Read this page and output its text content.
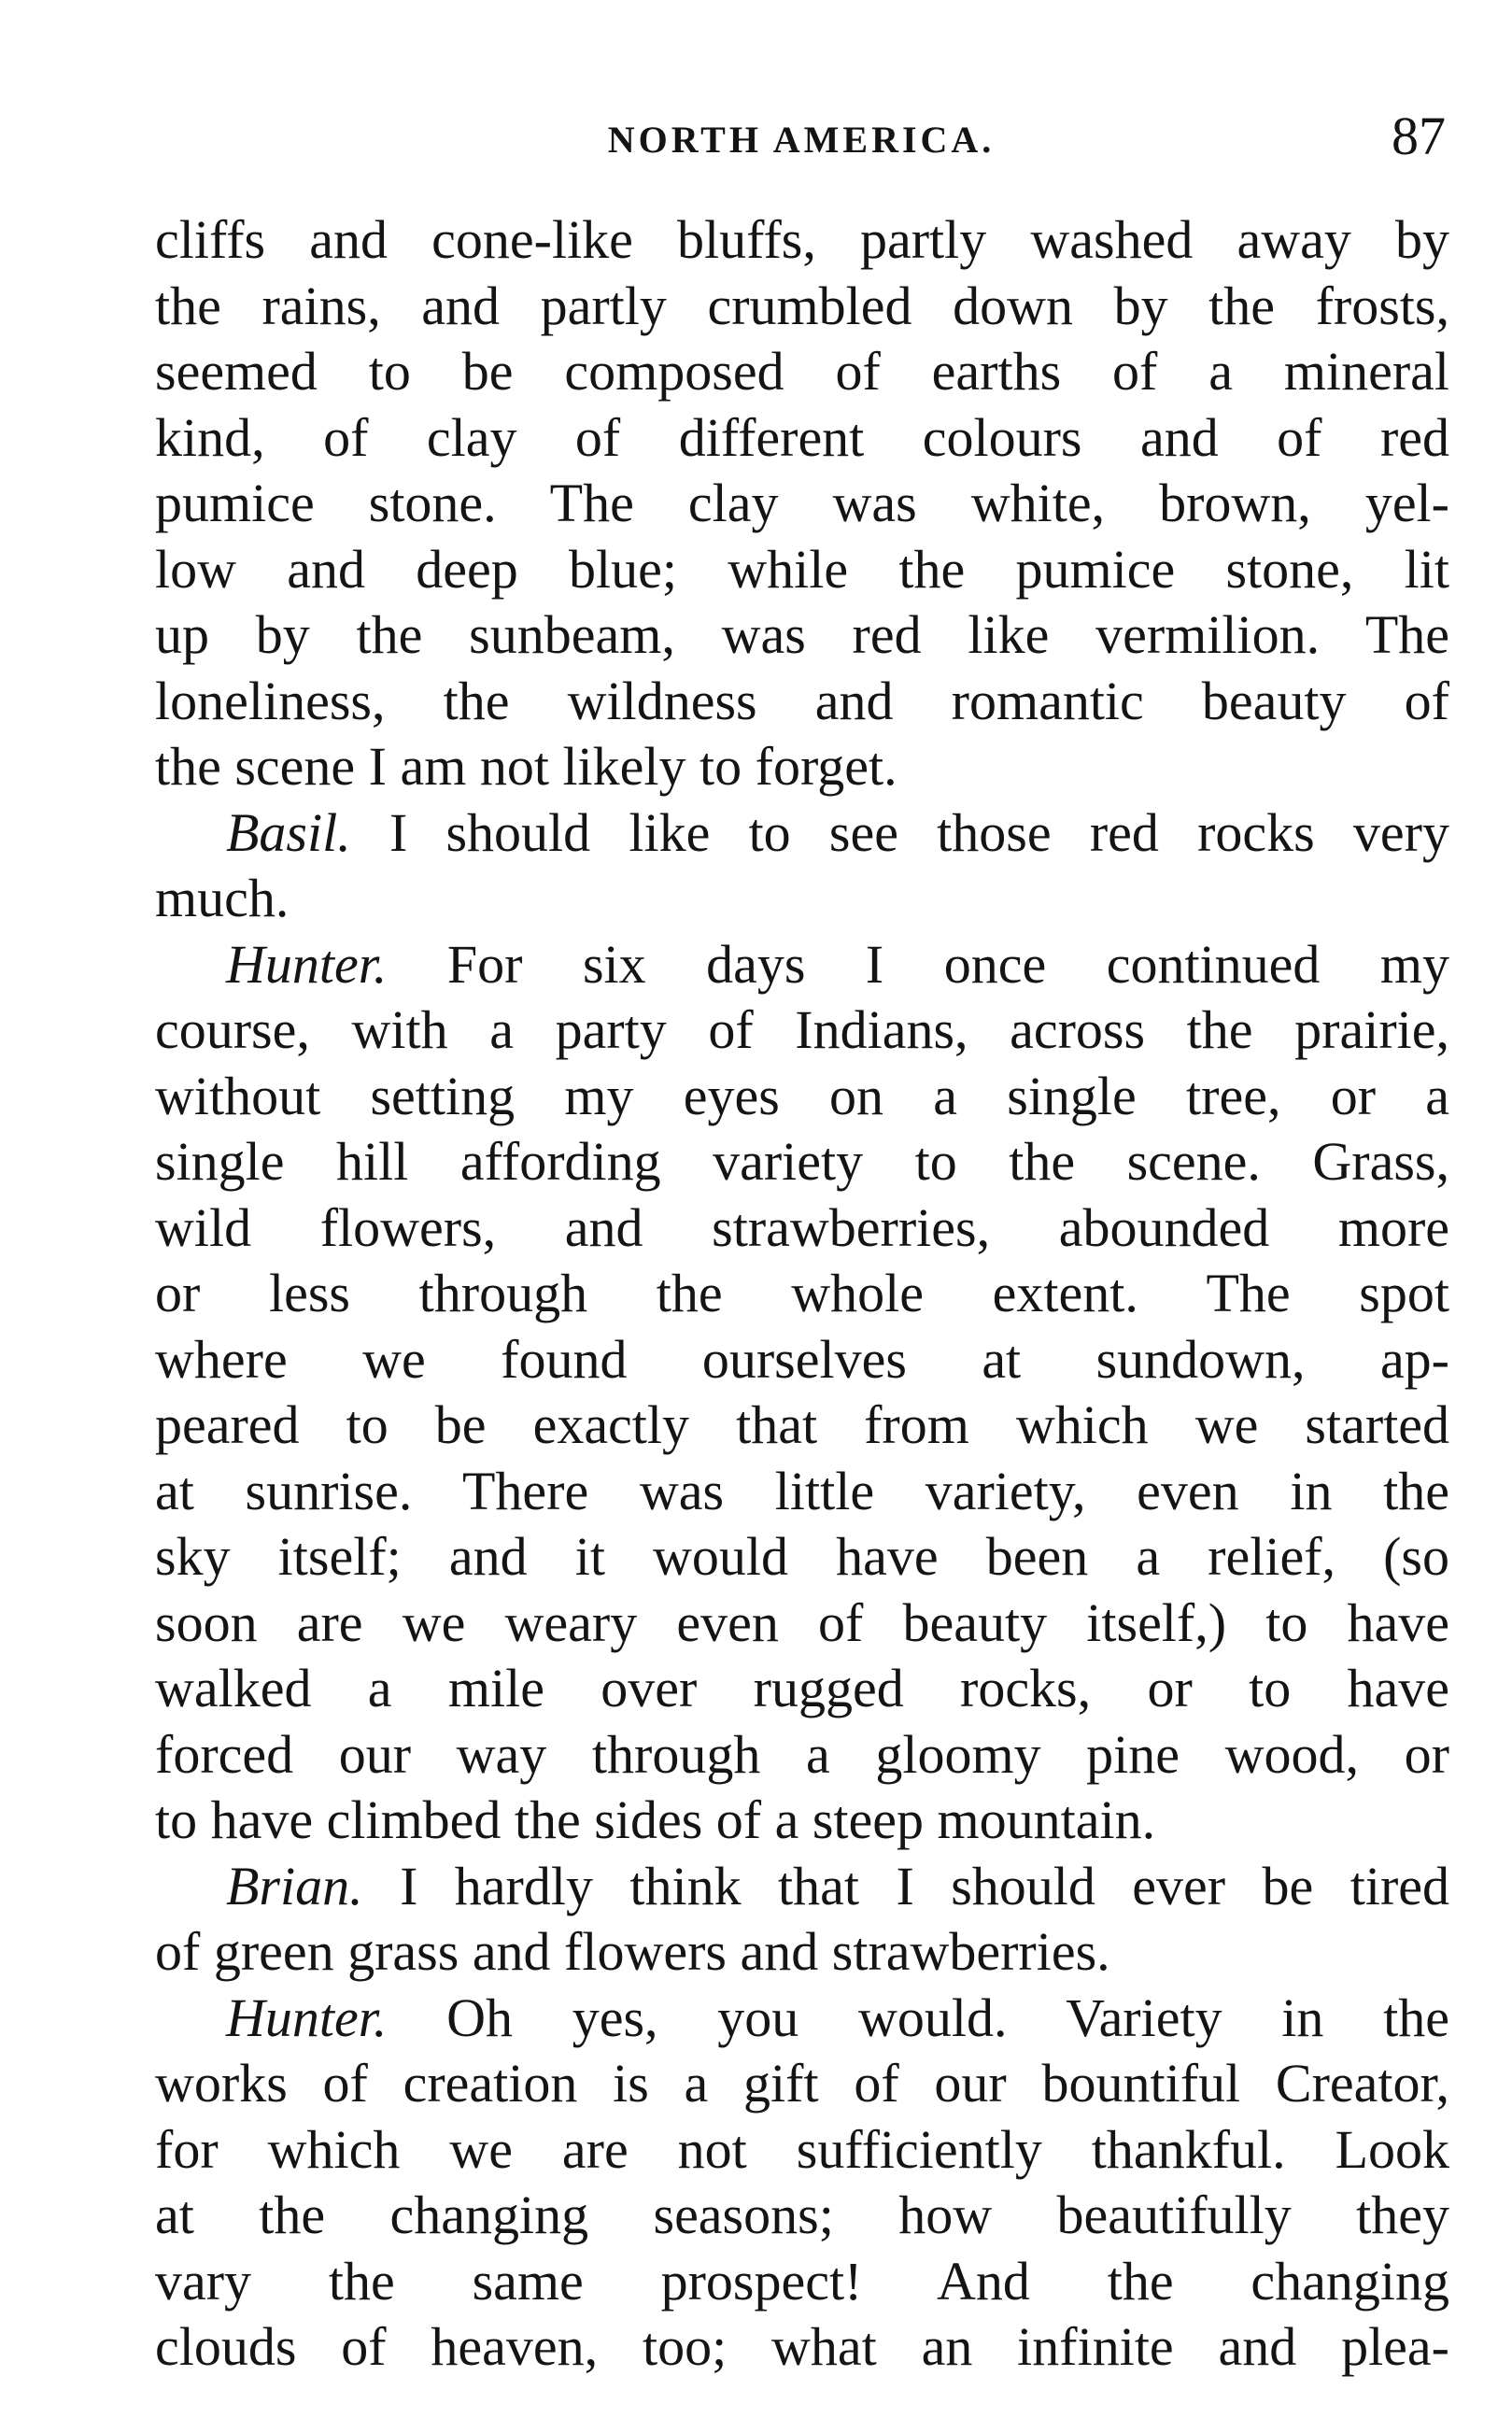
NORTH AMERICA.	87
cliffs and cone-like bluffs, partly washed away by
the rains, and partly crumbled down by the frosts,
seemed to be composed of earths of a mineral
kind, of clay of different colours and of red
pumice stone. The clay was white, brown, yel-
low and deep blue; while the pumice stone, lit
up by the sunbeam, was red like vermilion. The
loneliness, the wildness and romantic beauty of
the scene I am not likely to forget.
Basil. I should like to see those red rocks very
much.
Hunter. For six days I once continued my
course, with a party of Indians, across the prairie,
without setting my eyes on a single tree, or a
single hill affording variety to the scene. Grass,
wild flowers, and strawberries, abounded more
or less through the whole extent. The spot
where we found ourselves at sundown, ap-
peared to be exactly that from which we started
at sunrise. There was little variety, even in the
sky itself; and it would have been a relief, (so
soon are we weary even of beauty itself,) to have
walked a mile over rugged rocks, or to have
forced our way through a gloomy pine wood, or
to have climbed the sides of a steep mountain.
Brian. I hardly think that I should ever be tired
of green grass and flowers and strawberries.
Hunter. Oh yes, you would. Variety in the
works of creation is a gift of our bountiful Creator,
for which we are not sufficiently thankful. Look
at the changing seasons; how beautifully they
vary the same prospect! And the changing
clouds of heaven, too; what an infinite and plea-
